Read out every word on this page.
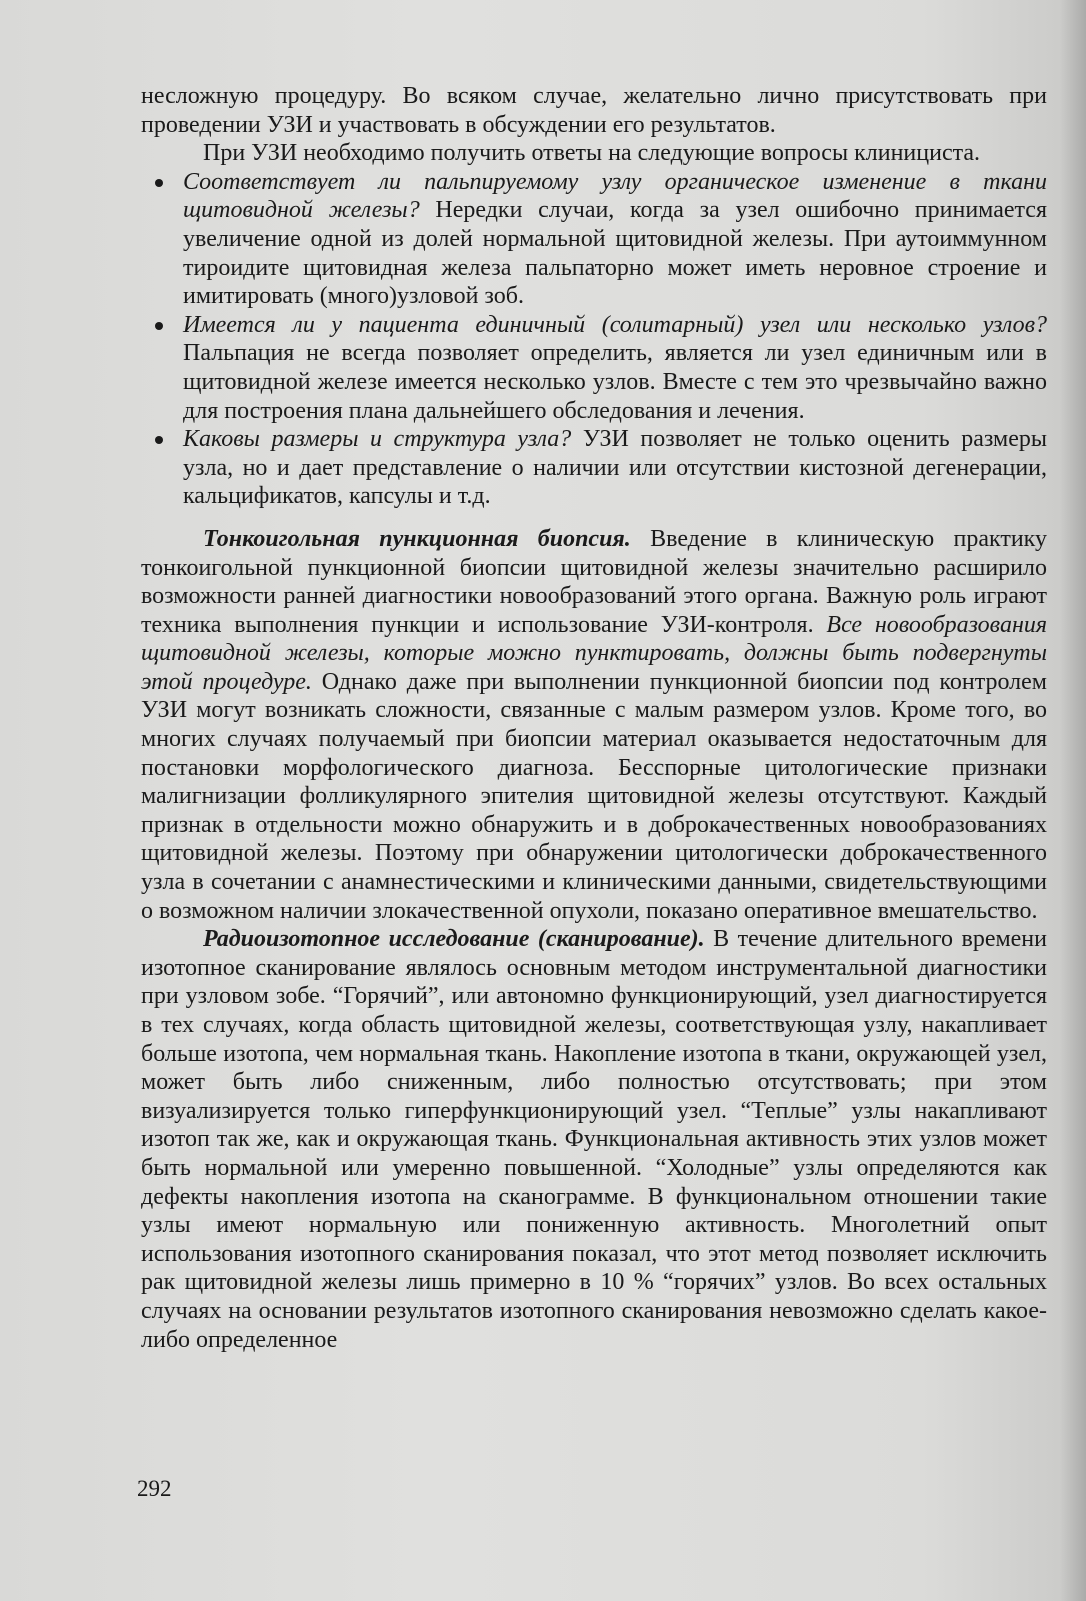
несложную процедуру. Во всяком случае, желательно лично присутствовать при проведении УЗИ и участвовать в обсуждении его результатов.

При УЗИ необходимо получить ответы на следующие вопросы клинициста.

Соответствует ли пальпируемому узлу органическое изменение в ткани щитовидной железы? Нередки случаи, когда за узел ошибочно принимается увеличение одной из долей нормальной щитовидной железы. При аутоиммунном тироидите щитовидная железа пальпаторно может иметь неровное строение и имитировать (много)узловой зоб.
Имеется ли у пациента единичный (солитарный) узел или несколько узлов? Пальпация не всегда позволяет определить, является ли узел единичным или в щитовидной железе имеется несколько узлов. Вместе с тем это чрезвычайно важно для построения плана дальнейшего обследования и лечения.
Каковы размеры и структура узла? УЗИ позволяет не только оценить размеры узла, но и дает представление о наличии или отсутствии кистозной дегенерации, кальцификатов, капсулы и т.д.

Тонкоигольная пункционная биопсия. Введение в клиническую практику тонкоигольной пункционной биопсии щитовидной железы значительно расширило возможности ранней диагностики новообразований этого органа. Важную роль играют техника выполнения пункции и использование УЗИ-контроля. Все новообразования щитовидной железы, которые можно пунктировать, должны быть подвергнуты этой процедуре. Однако даже при выполнении пункционной биопсии под контролем УЗИ могут возникать сложности, связанные с малым размером узлов. Кроме того, во многих случаях получаемый при биопсии материал оказывается недостаточным для постановки морфологического диагноза. Бесспорные цитологические признаки малигнизации фолликулярного эпителия щитовидной железы отсутствуют. Каждый признак в отдельности можно обнаружить и в доброкачественных новообразованиях щитовидной железы. Поэтому при обнаружении цитологически доброкачественного узла в сочетании с анамнестическими и клиническими данными, свидетельствующими о возможном наличии злокачественной опухоли, показано оперативное вмешательство.

Радиоизотопное исследование (сканирование). В течение длительного времени изотопное сканирование являлось основным методом инструментальной диагностики при узловом зобе. “Горячий”, или автономно функционирующий, узел диагностируется в тех случаях, когда область щитовидной железы, соответствующая узлу, накапливает больше изотопа, чем нормальная ткань. Накопление изотопа в ткани, окружающей узел, может быть либо сниженным, либо полностью отсутствовать; при этом визуализируется только гиперфункционирующий узел. “Теплые” узлы накапливают изотоп так же, как и окружающая ткань. Функциональная активность этих узлов может быть нормальной или умеренно повышенной. “Холодные” узлы определяются как дефекты накопления изотопа на сканограмме. В функциональном отношении такие узлы имеют нормальную или пониженную активность. Многолетний опыт использования изотопного сканирования показал, что этот метод позволяет исключить рак щитовидной железы лишь примерно в 10 % “горячих” узлов. Во всех остальных случаях на основании результатов изотопного сканирования невозможно сделать какое-либо определенное

292
